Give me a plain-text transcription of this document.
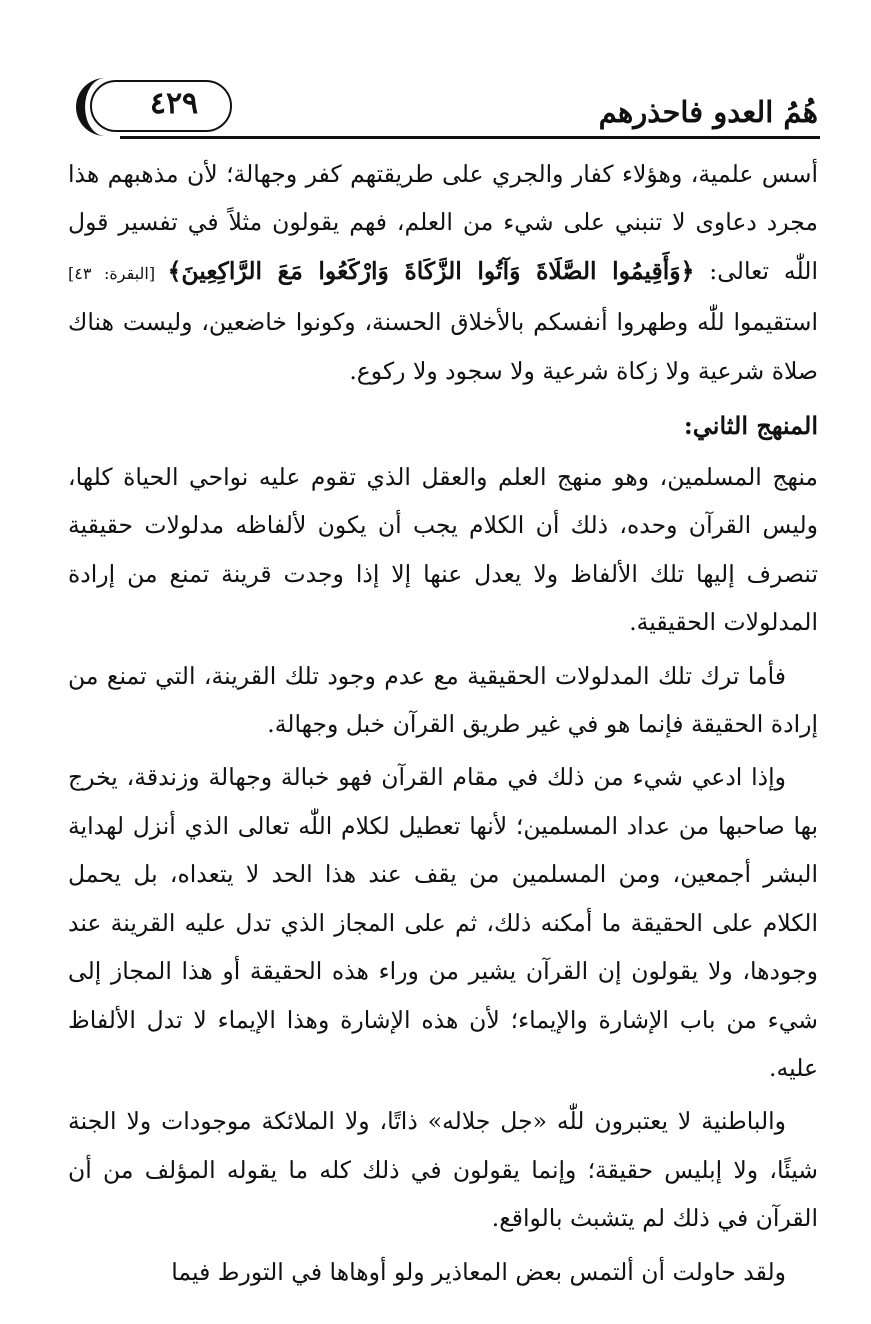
هُمُ العدو فاحذرهم
٤٢٩

أسس علمية، وهؤلاء كفار والجري على طريقتهم كفر وجهالة؛ لأن مذهبهم هذا مجرد دعاوى لا تنبني على شيء من العلم، فهم يقولون مثلاً في تفسير قول اللّٰه تعالى: ﴿وَأَقِيمُوا الصَّلَاةَ وَآتُوا الزَّكَاةَ وَارْكَعُوا مَعَ الرَّاكِعِينَ﴾ [البقرة: ٤٣] استقيموا للّٰه وطهروا أنفسكم بالأخلاق الحسنة، وكونوا خاضعين، وليست هناك صلاة شرعية ولا زكاة شرعية ولا سجود ولا ركوع.

المنهج الثاني:

منهج المسلمين، وهو منهج العلم والعقل الذي تقوم عليه نواحي الحياة كلها، وليس القرآن وحده، ذلك أن الكلام يجب أن يكون لألفاظه مدلولات حقيقية تنصرف إليها تلك الألفاظ ولا يعدل عنها إلا إذا وجدت قرينة تمنع من إرادة المدلولات الحقيقية.

فأما ترك تلك المدلولات الحقيقية مع عدم وجود تلك القرينة، التي تمنع من إرادة الحقيقة فإنما هو في غير طريق القرآن خبل وجهالة.

وإذا ادعي شيء من ذلك في مقام القرآن فهو خبالة وجهالة وزندقة، يخرج بها صاحبها من عداد المسلمين؛ لأنها تعطيل لكلام اللّٰه تعالى الذي أنزل لهداية البشر أجمعين، ومن المسلمين من يقف عند هذا الحد لا يتعداه، بل يحمل الكلام على الحقيقة ما أمكنه ذلك، ثم على المجاز الذي تدل عليه القرينة عند وجودها، ولا يقولون إن القرآن يشير من وراء هذه الحقيقة أو هذا المجاز إلى شيء من باب الإشارة والإيماء؛ لأن هذه الإشارة وهذا الإيماء لا تدل الألفاظ عليه.

والباطنية لا يعتبرون للّٰه «جل جلاله» ذاتًا، ولا الملائكة موجودات ولا الجنة شيئًا، ولا إبليس حقيقة؛ وإنما يقولون في ذلك كله ما يقوله المؤلف من أن القرآن في ذلك لم يتشبث بالواقع.

ولقد حاولت أن ألتمس بعض المعاذير ولو أوهاها في التورط فيما
